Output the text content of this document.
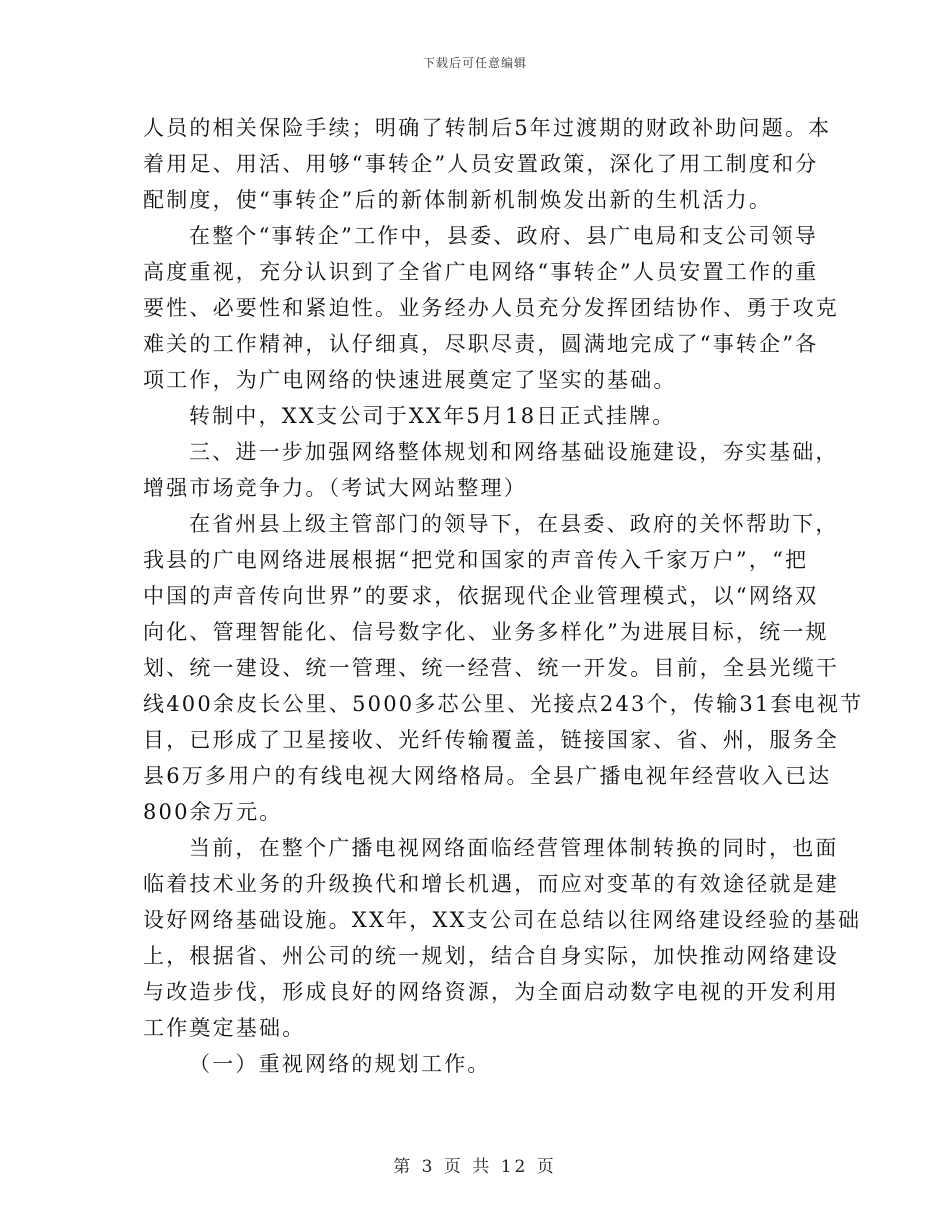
下载后可任意编辑
人员的相关保险手续；明确了转制后5年过渡期的财政补助问题。本
着用足、用活、用够“事转企”人员安置政策，深化了用工制度和分
配制度，使“事转企”后的新体制新机制焕发出新的生机活力。
在整个“事转企”工作中，县委、政府、县广电局和支公司领导
高度重视，充分认识到了全省广电网络“事转企”人员安置工作的重
要性、必要性和紧迫性。业务经办人员充分发挥团结协作、勇于攻克
难关的工作精神，认仔细真，尽职尽责，圆满地完成了“事转企”各
项工作，为广电网络的快速进展奠定了坚实的基础。
转制中，XX支公司于XX年5月18日正式挂牌。
三、进一步加强网络整体规划和网络基础设施建设，夯实基础，
增强市场竞争力。（考试大网站整理）
在省州县上级主管部门的领导下，在县委、政府的关怀帮助下，
我县的广电网络进展根据“把党和国家的声音传入千家万户”，“把
中国的声音传向世界”的要求，依据现代企业管理模式，以“网络双
向化、管理智能化、信号数字化、业务多样化”为进展目标，统一规
划、统一建设、统一管理、统一经营、统一开发。目前，全县光缆干
线400余皮长公里、5000多芯公里、光接点243个，传输31套电视节
目，已形成了卫星接收、光纤传输覆盖，链接国家、省、州，服务全
县6万多用户的有线电视大网络格局。全县广播电视年经营收入已达
800余万元。
当前，在整个广播电视网络面临经营管理体制转换的同时，也面
临着技术业务的升级换代和增长机遇，而应对变革的有效途径就是建
设好网络基础设施。XX年，XX支公司在总结以往网络建设经验的基础
上，根据省、州公司的统一规划，结合自身实际，加快推动网络建设
与改造步伐，形成良好的网络资源，为全面启动数字电视的开发利用
工作奠定基础。
（一）重视网络的规划工作。
第 3 页 共 12 页
